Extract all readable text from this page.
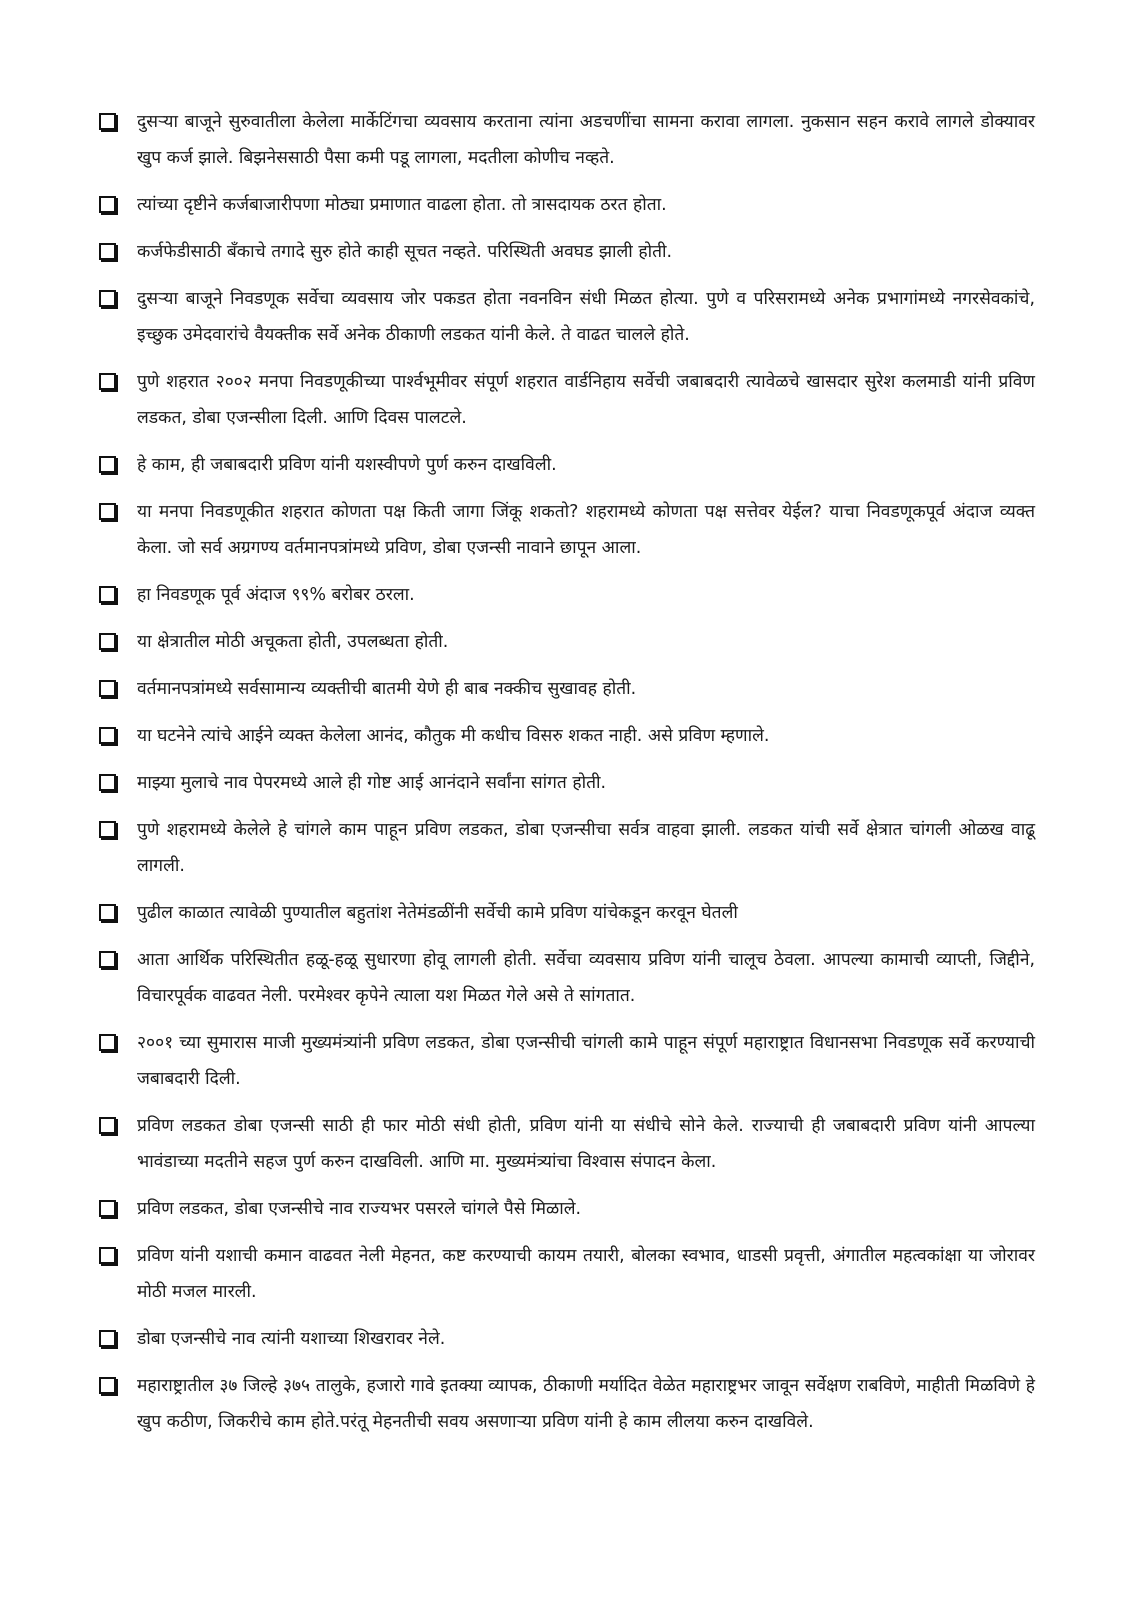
दुसऱ्या बाजूने सुरुवातीला केलेला मार्केटिंगचा व्यवसाय करताना त्यांना अडचणींचा सामना करावा लागला. नुकसान सहन करावे लागले डोक्यावर खुप कर्ज झाले. बिझनेससाठी पैसा कमी पडू लागला, मदतीला कोणीच नव्हते.
त्यांच्या दृष्टीने कर्जबाजारीपणा मोठ्या प्रमाणात वाढला होता. तो त्रासदायक ठरत होता.
कर्जफेडीसाठी बँकाचे तगादे सुरु होते काही सूचत नव्हते. परिस्थिती अवघड झाली होती.
दुसऱ्या बाजूने निवडणूक सर्वेचा व्यवसाय जोर पकडत होता नवनविन संधी मिळत होत्या. पुणे व परिसरामध्ये अनेक प्रभागांमध्ये नगरसेवकांचे, इच्छुक उमेदवारांचे वैयक्तीक सर्वे अनेक ठीकाणी लडकत यांनी केले. ते वाढत चालले होते.
पुणे शहरात २००२ मनपा निवडणूकीच्या पार्श्वभूमीवर संपूर्ण शहरात वार्डनिहाय सर्वेची जबाबदारी त्यावेळचे खासदार सुरेश कलमाडी यांनी प्रविण लडकत, डोबा एजन्सीला दिली. आणि दिवस पालटले.
हे काम, ही जबाबदारी प्रविण यांनी यशस्वीपणे पुर्ण करुन दाखविली.
या मनपा निवडणूकीत शहरात कोणता पक्ष किती जागा जिंकू शकतो? शहरामध्ये कोणता पक्ष सत्तेवर येईल? याचा निवडणूकपूर्व अंदाज व्यक्त केला. जो सर्व अग्रगण्य वर्तमानपत्रांमध्ये प्रविण, डोबा एजन्सी नावाने छापून आला.
हा निवडणूक पूर्व अंदाज ९९% बरोबर ठरला.
या क्षेत्रातील मोठी अचूकता होती, उपलब्धता होती.
वर्तमानपत्रांमध्ये सर्वसामान्य व्यक्तीची बातमी येणे ही बाब नक्कीच सुखावह होती.
या घटनेने त्यांचे आईने व्यक्त केलेला आनंद, कौतुक मी कधीच विसरु शकत नाही. असे प्रविण म्हणाले.
माझ्या मुलाचे नाव पेपरमध्ये आले ही गोष्ट आई आनंदाने सर्वांना सांगत होती.
पुणे शहरामध्ये केलेले हे चांगले काम पाहून प्रविण लडकत, डोबा एजन्सीचा सर्वत्र वाहवा झाली. लडकत यांची सर्वे क्षेत्रात चांगली ओळख वाढू लागली.
पुढील काळात त्यावेळी पुण्यातील बहुतांश नेतेमंडळींनी सर्वेची कामे प्रविण यांचेकडून करवून घेतली
आता आर्थिक परिस्थितीत हळू-हळू सुधारणा होवू लागली होती. सर्वेचा व्यवसाय प्रविण यांनी चालूच ठेवला. आपल्या कामाची व्याप्ती, जिद्दीने, विचारपूर्वक वाढवत नेली. परमेश्वर कृपेने त्याला यश मिळत गेले असे ते सांगतात.
२००१ च्या सुमारास माजी मुख्यमंत्र्यांनी प्रविण लडकत, डोबा एजन्सीची चांगली कामे पाहून संपूर्ण महाराष्ट्रात विधानसभा निवडणूक सर्वे करण्याची जबाबदारी दिली.
प्रविण लडकत डोबा एजन्सी साठी ही फार मोठी संधी होती, प्रविण यांनी या संधीचे सोने केले. राज्याची ही जबाबदारी प्रविण यांनी आपल्या भावंडाच्या मदतीने सहज पुर्ण करुन दाखविली. आणि मा. मुख्यमंत्र्यांचा विश्वास संपादन केला.
प्रविण लडकत, डोबा एजन्सीचे नाव राज्यभर पसरले चांगले पैसे मिळाले.
प्रविण यांनी यशाची कमान वाढवत नेली मेहनत, कष्ट करण्याची कायम तयारी, बोलका स्वभाव, धाडसी प्रवृत्ती, अंगातील महत्वकांक्षा या जोरावर मोठी मजल मारली.
डोबा एजन्सीचे नाव त्यांनी यशाच्या शिखरावर नेले.
महाराष्ट्रातील ३७ जिल्हे ३७५ तालुके, हजारो गावे इतक्या व्यापक, ठीकाणी मर्यादित वेळेत महाराष्ट्रभर जावून सर्वेक्षण राबविणे, माहीती मिळविणे हे खुप कठीण, जिकरीचे काम होते.परंतू मेहनतीची सवय असणाऱ्या प्रविण यांनी हे काम लीलया करुन दाखविले.
